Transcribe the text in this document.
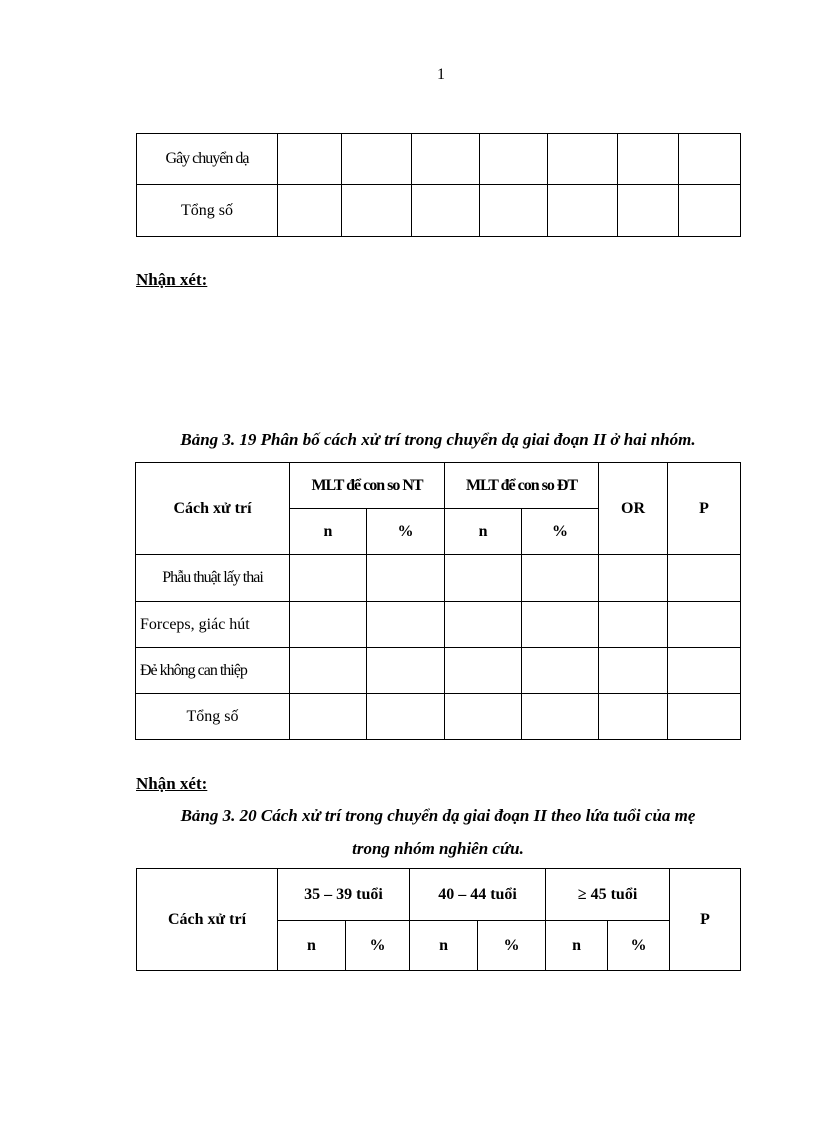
1
Gây chuyển dạ							
Tổng số							
Nhận xét:
Bảng 3. 19 Phân bố cách xử trí trong chuyển dạ giai đoạn II ở hai nhóm.
Cách xử trí	MLT để con so NT		MLT để con so ĐT		OR	P
	n	%	n	%		
Phẫu thuật lấy thai						
Forceps, giác hút						
Đẻ không can thiệp						
Tổng số						
Nhận xét:
Bảng 3. 20 Cách xử trí trong chuyển dạ giai đoạn II theo lứa tuổi của mẹ
trong nhóm nghiên cứu.
Cách xử trí	35 – 39 tuổi		40 – 44 tuổi		≥ 45 tuổi		P
	n	%	n	%	n	%	
